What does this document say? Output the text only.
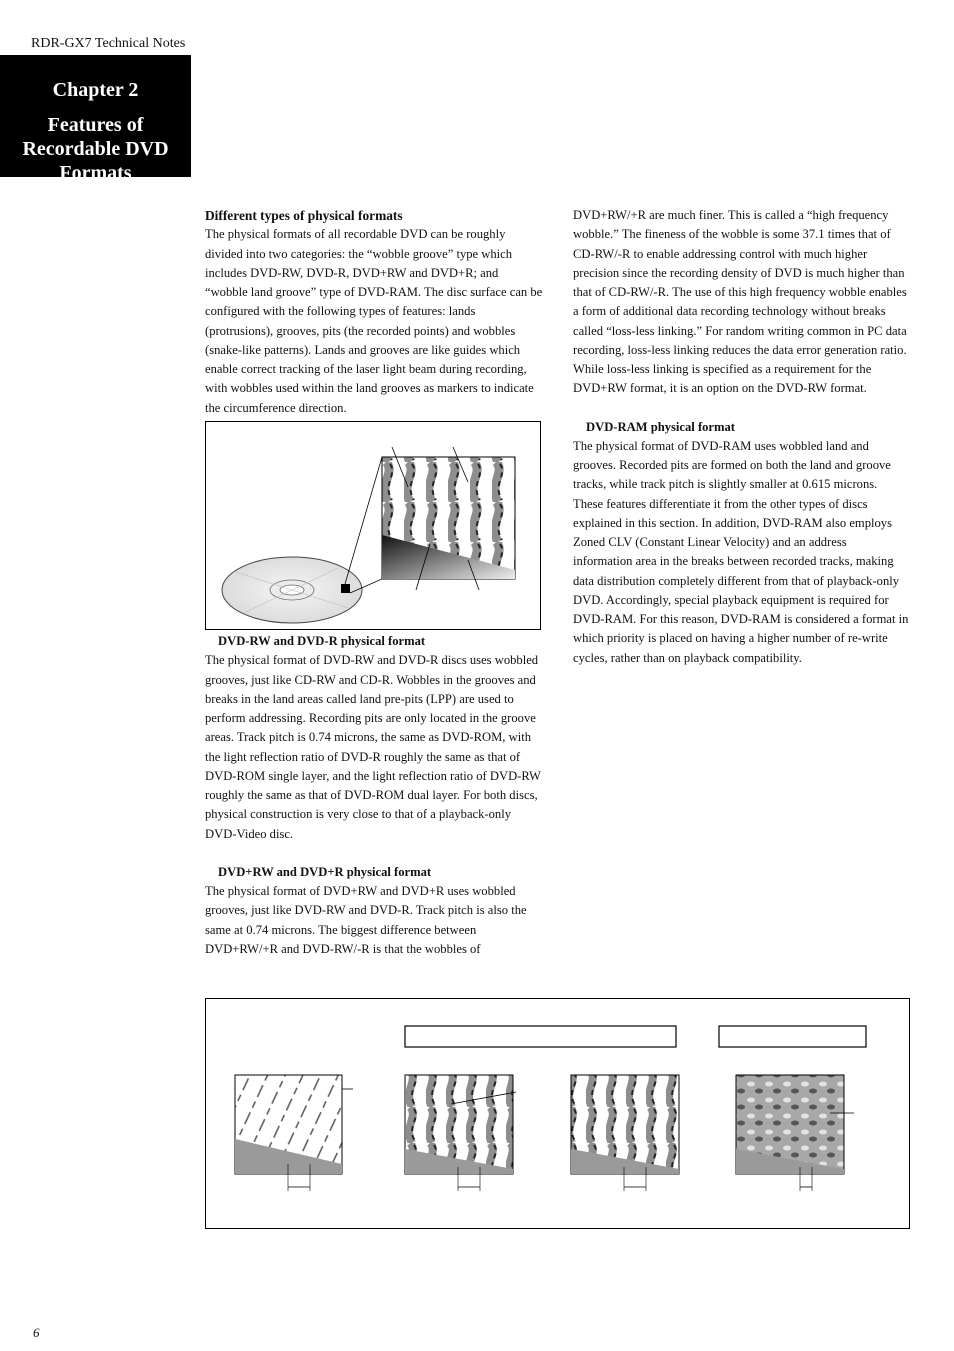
RDR-GX7 Technical Notes
Chapter 2
Features of Recordable DVD Formats
Different types of physical formats

The physical formats of all recordable DVD can be roughly divided into two categories: the “wobble groove” type which includes DVD-RW, DVD-R, DVD+RW and DVD+R; and “wobble land groove” type of DVD-RAM. The disc surface can be configured with the following types of features: lands (protrusions), grooves, pits (the recorded points) and wobbles (snake-like patterns). Lands and grooves are like guides which enable correct tracking of the laser light beam during recording, with wobbles used within the land grooves as markers to indicate the circumference direction.

DVD-RW and DVD-R physical format

The physical format of DVD-RW and DVD-R discs uses wobbled grooves, just like CD-RW and CD-R. Wobbles in the grooves and breaks in the land areas called land pre-pits (LPP) are used to perform addressing. Recording pits are only located in the groove areas. Track pitch is 0.74 microns, the same as DVD-ROM, with the light reflection ratio of DVD-R roughly the same as that of DVD-ROM single layer, and the light reflection ratio of DVD-RW roughly the same as that of DVD-ROM dual layer. For both discs, physical construction is very close to that of a playback-only DVD-Video disc.

DVD+RW and DVD+R physical format

The physical format of DVD+RW and DVD+R uses wobbled grooves, just like DVD-RW and DVD-R. Track pitch is also the same at 0.74 microns. The biggest difference between DVD+RW/+R and DVD-RW/-R is that the wobbles of

DVD+RW/+R are much finer. This is called a “high frequency wobble.” The fineness of the wobble is some 37.1 times that of CD-RW/-R to enable addressing control with much higher precision since the recording density of DVD is much higher than that of CD-RW/-R. The use of this high frequency wobble enables a form of additional data recording technology without breaks called “loss-less linking.” For random writing common in PC data recording, loss-less linking reduces the data error generation ratio. While loss-less linking is specified as a requirement for the DVD+RW format, it is an option on the DVD-RW format.

DVD-RAM physical format

The physical format of DVD-RAM uses wobbled land and grooves. Recorded pits are formed on both the land and groove tracks, while track pitch is slightly smaller at 0.615 microns. These features differentiate it from the other types of discs explained in this section. In addition, DVD-RAM also employs Zoned CLV (Constant Linear Velocity) and an address information area in the breaks between recorded tracks, making data distribution completely different from that of playback-only DVD. Accordingly, special playback equipment is required for DVD-RAM. For this reason, DVD-RAM is considered a format in which priority is placed on having a higher number of re-write cycles, rather than on playback compatibility.

6
